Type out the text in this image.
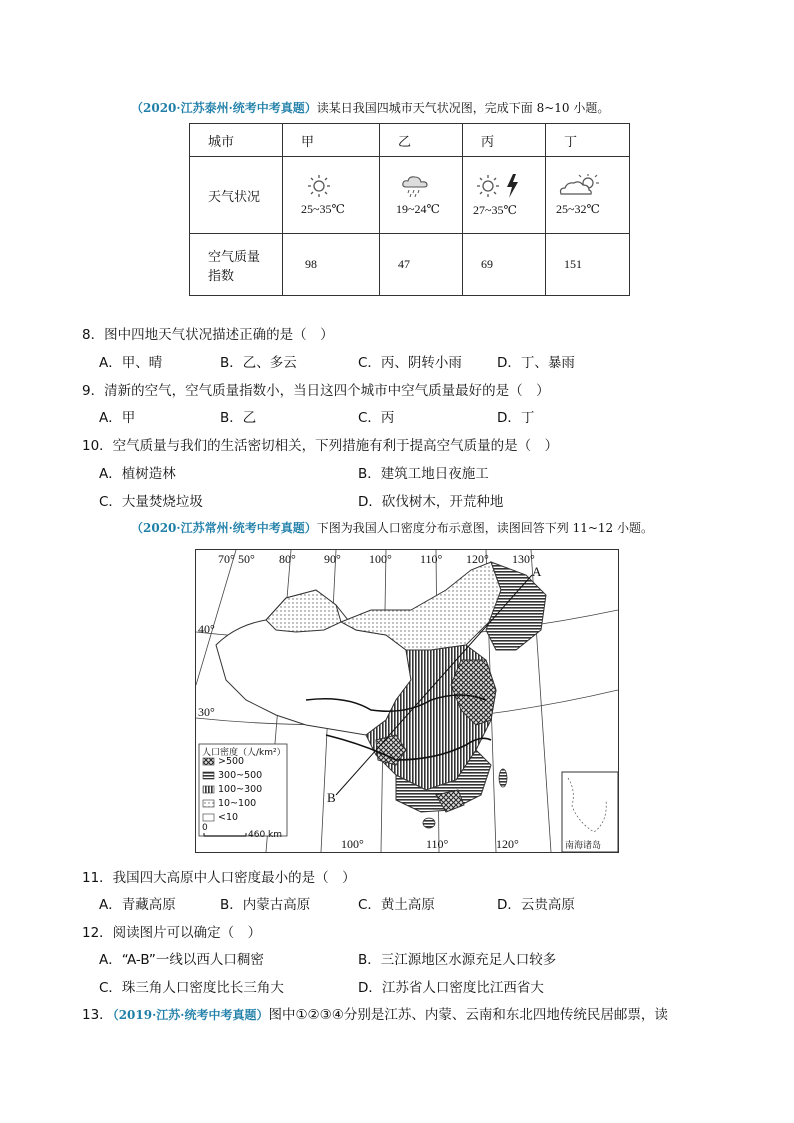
（2020·江苏泰州·统考中考真题）读某日我国四城市天气状况图，完成下面 8~10 小题。
城市	甲	乙	丙	丁
天气状况	25~35℃	19~24℃	27~35℃	25~32℃

空气质量
指数	98	47	69	151
8．图中四地天气状况描述正确的是（　）
A．甲、晴	B．乙、多云	C．丙、阴转小雨	D．丁、暴雨
9．清新的空气，空气质量指数小，当日这四个城市中空气质量最好的是（　）
A．甲	B．乙	C．丙	D．丁
10．空气质量与我们的生活密切相关，下列措施有利于提高空气质量的是（　）
A．植树造林	B．建筑工地日夜施工
C．大量焚烧垃圾	D．砍伐树木，开荒种地
（2020·江苏常州·统考中考真题）下图为我国人口密度分布示意图，读图回答下列 11~12 小题。
70° 50° 80° 90° 100° 110° 120° 130°
40°
30°
100°	110°	120°
A
B
人口密度（人/km²）
>500
300~500
100~300
10~100
<10
0
460 km
南海诸岛
11．我国四大高原中人口密度最小的是（　）
A．青藏高原	B．内蒙古高原	C．黄土高原	D．云贵高原
12．阅读图片可以确定（　）
A．“A-B”一线以西人口稠密	B．三江源地区水源充足人口较多
C．珠三角人口密度比长三角大	D．江苏省人口密度比江西省大
13．（2019·江苏·统考中考真题）图中①②③④分别是江苏、内蒙、云南和东北四地传统民居邮票，读
